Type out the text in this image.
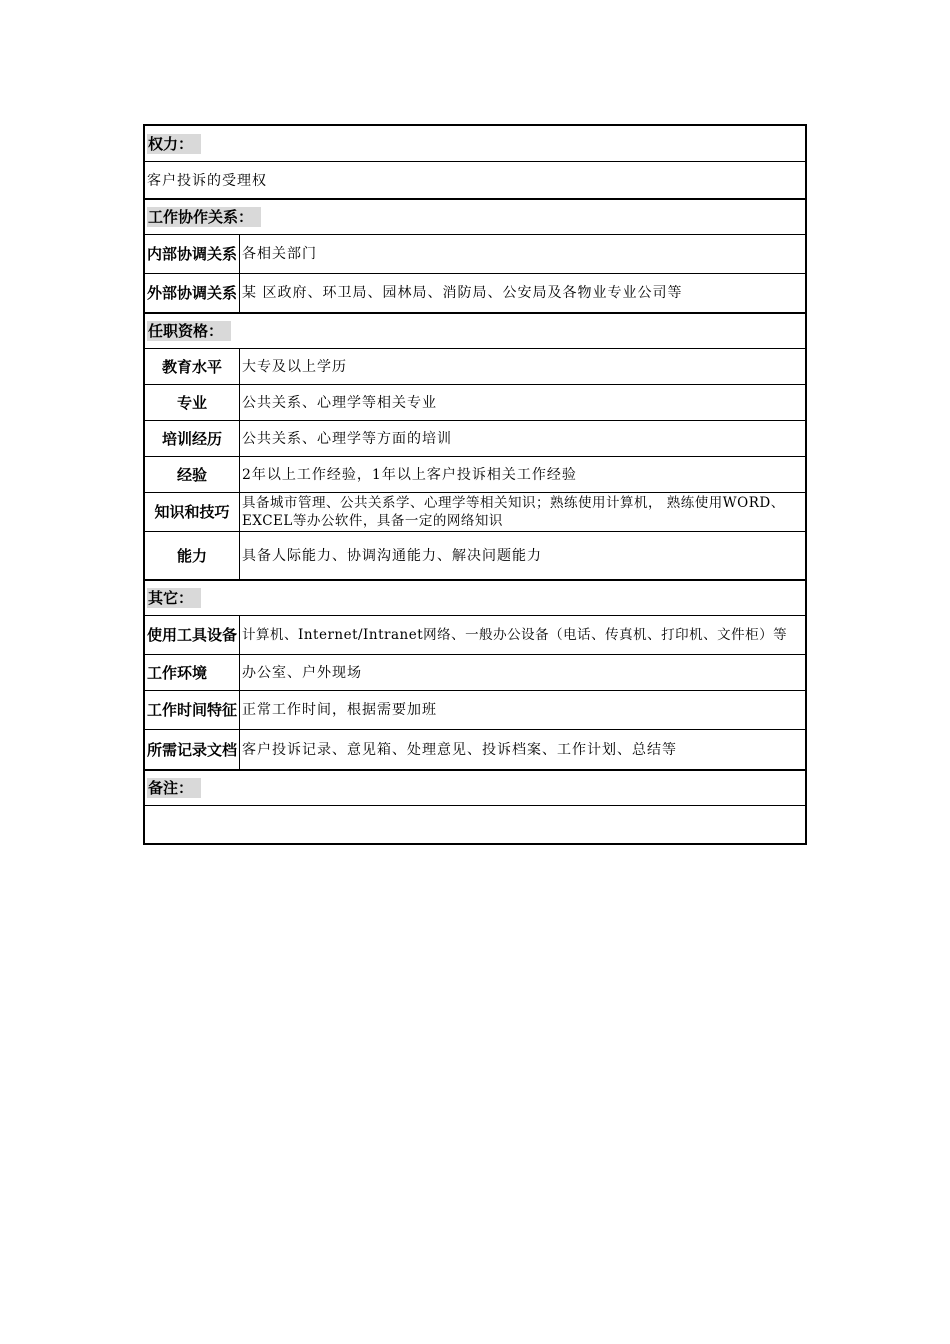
权力：
客户投诉的受理权
工作协作关系：
内部协调关系 各相关部门
外部协调关系 某 区政府、环卫局、园林局、消防局、公安局及各物业专业公司等
任职资格：
教育水平	大专及以上学历
专业	公共关系、心理学等相关专业
培训经历	公共关系、心理学等方面的培训
经验	2年以上工作经验，1年以上客户投诉相关工作经验
知识和技巧 具备城市管理、公共关系学、心理学等相关知识；熟练使用计算机， 熟练使用WORD、EXCEL等办公软件，具备一定的网络知识
能力	具备人际能力、协调沟通能力、解决问题能力
其它：
使用工具设备 计算机、Internet/Intranet网络、一般办公设备（电话、传真机、打印机、文件柜）等
工作环境	办公室、户外现场
工作时间特征 正常工作时间，根据需要加班
所需记录文档 客户投诉记录、意见箱、处理意见、投诉档案、工作计划、总结等
备注：
